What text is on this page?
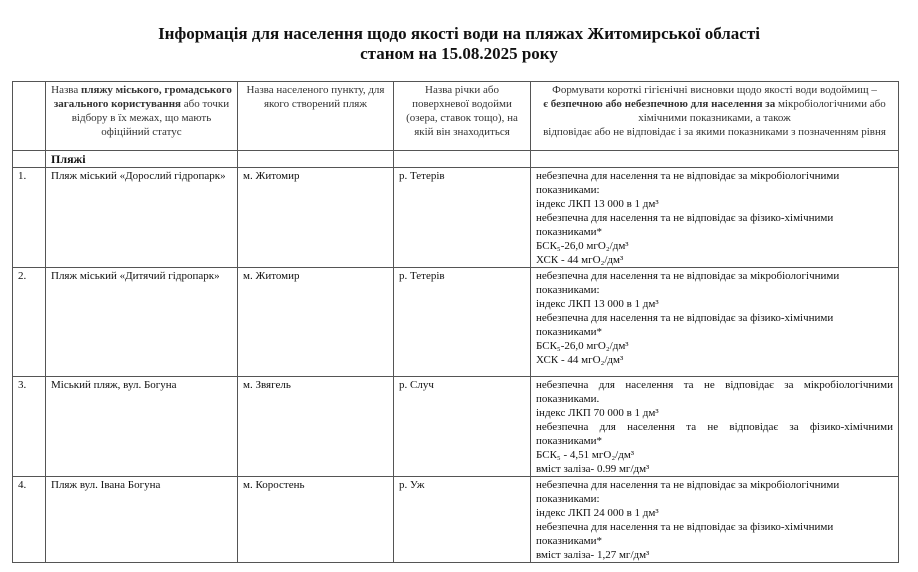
Інформація для населення щодо якості води на пляжах Житомирської області
станом на 15.08.2025 року
	Назва пляжу міського, громадського загального користування або точки відбору в їх межах, що мають офіційний статус	Назва населеного пункту, для якого створений пляж	Назва річки або поверхневої водойми (озера, ставок тощо), на якій він знаходиться	Формувати короткі гігієнічні висновки щодо якості води водоймищ –
є безпечною або небезпечною для населення за мікробіологічними або хімічними показниками, а також
відповідає або не відповідає і за якими показниками з позначенням рівня

	Пляжі			
1.	Пляж міський «Дорослий гідропарк»	м. Житомир	р. Тетерів	небезпечна для населення та не відповідає за мікробіологічними показниками:
індекс ЛКП 13 000 в 1 дм³
небезпечна для населення та не відповідає за фізико-хімічними показниками*
БСК₅-26,0 мгО₂/дм³
ХСК - 44 мгО₂/дм³

2.	Пляж міський «Дитячий гідропарк»	м. Житомир	р. Тетерів	небезпечна для населення та не відповідає за мікробіологічними показниками:
індекс ЛКП 13 000 в 1 дм³
небезпечна для населення та не відповідає за фізико-хімічними показниками*
БСК₅-26,0 мгО₂/дм³
ХСК - 44 мгО₂/дм³

3.	Міський пляж, вул. Богуна	м. Звягель	р. Случ	небезпечна для населення та не відповідає за мікробіологічними показниками.
індекс ЛКП 70 000 в 1 дм³
небезпечна для населення та не відповідає за фізико-хімічними показниками*
БСК₅ - 4,51 мгО₂/дм³
вміст заліза- 0.99 мг/дм³

4.	Пляж вул. Івана Богуна	м. Коростень	р. Уж	небезпечна для населення та не відповідає за мікробіологічними показниками:
індекс ЛКП 24 000 в 1 дм³
небезпечна для населення та не відповідає за фізико-хімічними показниками*
вміст заліза- 1,27 мг/дм³
